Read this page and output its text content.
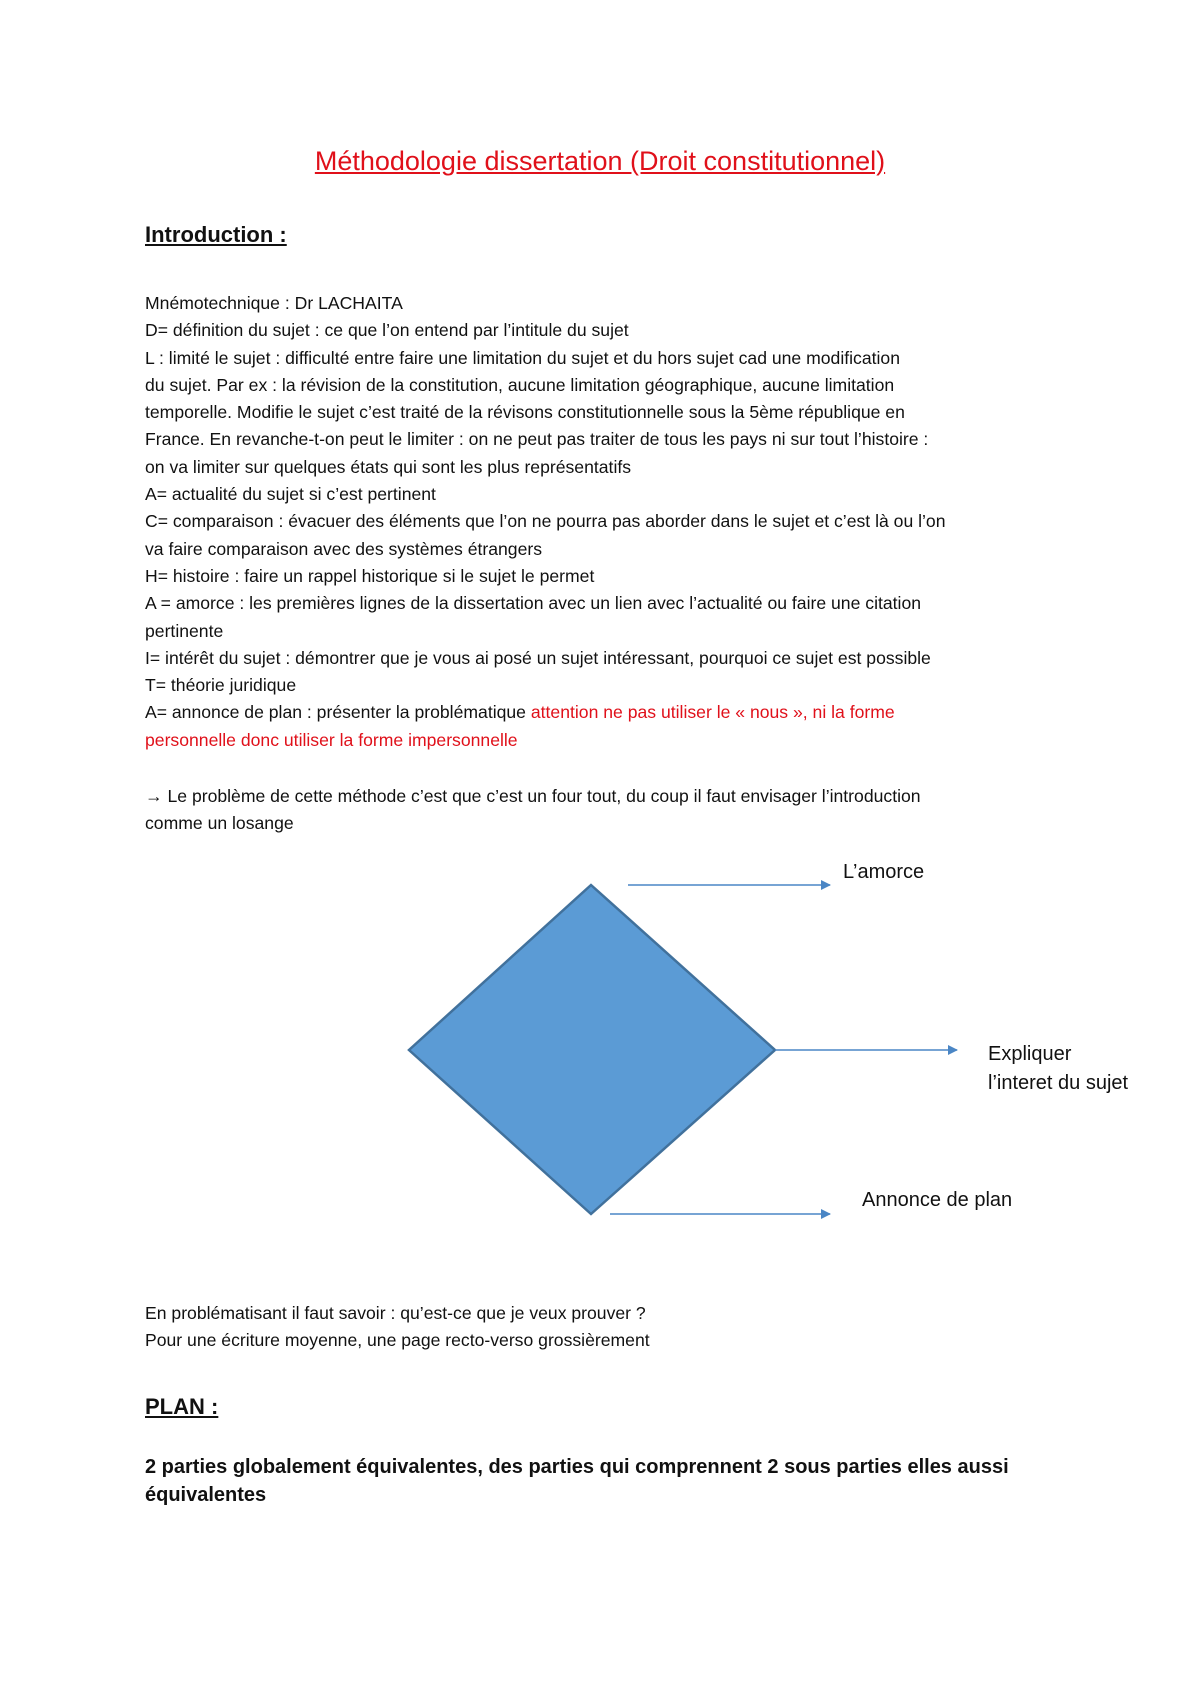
Méthodologie dissertation (Droit constitutionnel)
Introduction :
Mnémotechnique : Dr LACHAITA
D= définition du sujet : ce que l’on entend par l’intitule du sujet
L : limité le sujet : difficulté entre faire une limitation du sujet et du hors sujet cad une modification
du sujet. Par ex : la révision de la constitution, aucune limitation géographique, aucune limitation
temporelle. Modifie le sujet c’est traité de la révisons constitutionnelle sous la 5ème république en
France. En revanche-t-on peut le limiter : on ne peut pas traiter de tous les pays ni sur tout l’histoire :
on va limiter sur quelques états qui sont les plus représentatifs
A= actualité du sujet si c’est pertinent
C= comparaison : évacuer des éléments que l’on ne pourra pas aborder dans le sujet et c’est là ou l’on
va faire comparaison avec des systèmes étrangers
H= histoire : faire un rappel historique si le sujet le permet
A = amorce : les premières lignes de la dissertation avec un lien avec l’actualité ou faire une citation
pertinente
I= intérêt du sujet : démontrer que je vous ai posé un sujet intéressant, pourquoi ce sujet est possible
T= théorie juridique
A= annonce de plan : présenter la problématique attention ne pas utiliser le « nous », ni la forme
personnelle donc utiliser la forme impersonnelle
→ Le problème de cette méthode c’est que c’est un four tout, du coup il faut envisager l’introduction
comme un losange
L’amorce
Expliquer
l’interet du sujet
Annonce de plan
En problématisant il faut savoir : qu’est-ce que je veux prouver ?
Pour une écriture moyenne, une page recto-verso grossièrement
PLAN :
2 parties globalement équivalentes, des parties qui comprennent 2 sous parties elles aussi
équivalentes
